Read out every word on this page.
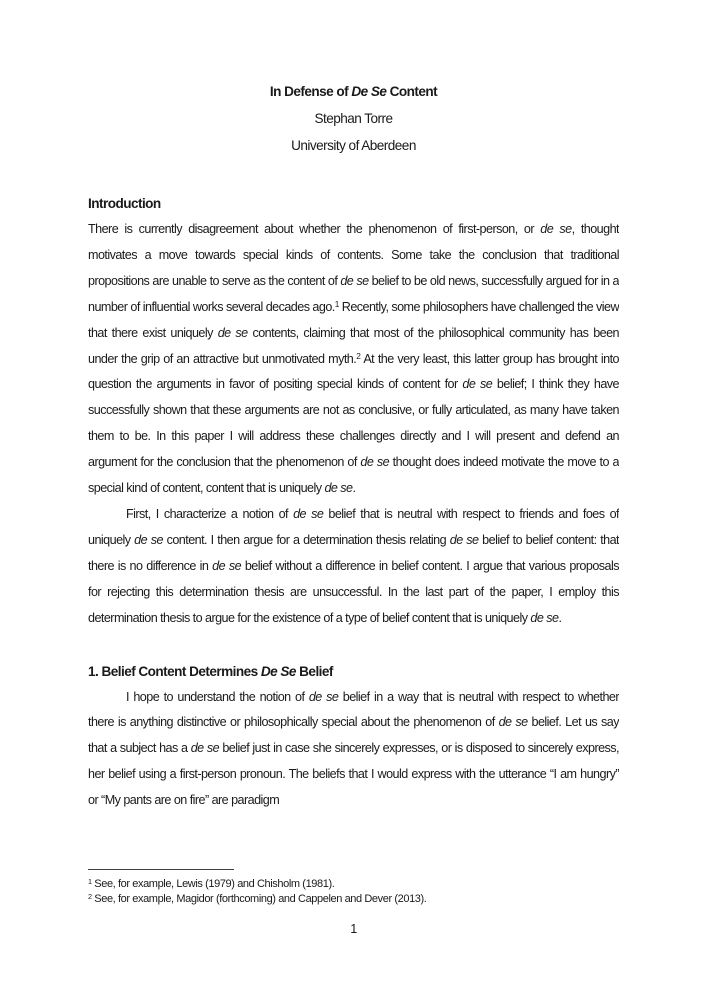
In Defense of De Se Content

Stephan Torre

University of Aberdeen

Introduction

There is currently disagreement about whether the phenomenon of first-person, or de se, thought motivates a move towards special kinds of contents. Some take the conclusion that traditional propositions are unable to serve as the content of de se belief to be old news, successfully argued for in a number of influential works several decades ago.$^1$ Recently, some philosophers have challenged the view that there exist uniquely de se contents, claiming that most of the philosophical community has been under the grip of an attractive but unmotivated myth.$^2$ At the very least, this latter group has brought into question the arguments in favor of positing special kinds of content for de se belief; I think they have successfully shown that these arguments are not as conclusive, or fully articulated, as many have taken them to be. In this paper I will address these challenges directly and I will present and defend an argument for the conclusion that the phenomenon of de se thought does indeed motivate the move to a special kind of content, content that is uniquely de se.

First, I characterize a notion of de se belief that is neutral with respect to friends and foes of uniquely de se content. I then argue for a determination thesis relating de se belief to belief content: that there is no difference in de se belief without a difference in belief content. I argue that various proposals for rejecting this determination thesis are unsuccessful. In the last part of the paper, I employ this determination thesis to argue for the existence of a type of belief content that is uniquely de se.

1. Belief Content Determines De Se Belief

I hope to understand the notion of de se belief in a way that is neutral with respect to whether there is anything distinctive or philosophically special about the phenomenon of de se belief. Let us say that a subject has a de se belief just in case she sincerely expresses, or is disposed to sincerely express, her belief using a first-person pronoun. The beliefs that I would express with the utterance “I am hungry” or “My pants are on fire” are paradigm

$^1$ See, for example, Lewis (1979) and Chisholm (1981).

$^2$ See, for example, Magidor (forthcoming) and Cappelen and Dever (2013).

1
